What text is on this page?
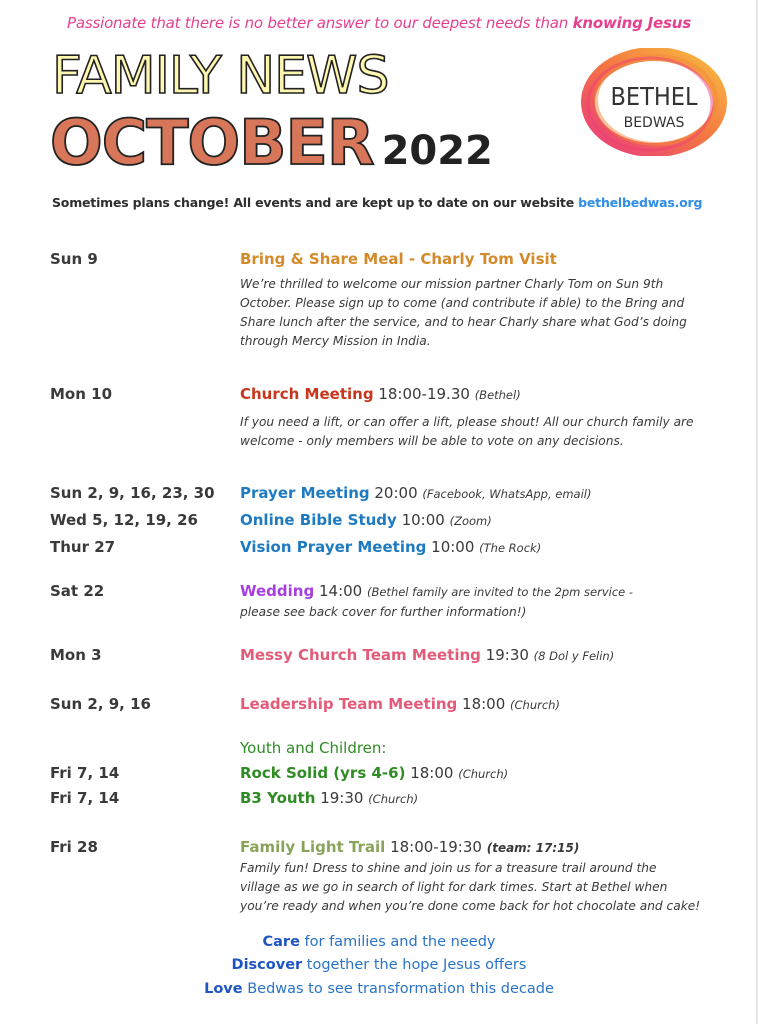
Passionate that there is no better answer to our deepest needs than knowing Jesus
FAMILY NEWS
OCTOBER 2022
BETHEL
BEDWAS
Sometimes plans change! All events and are kept up to date on our website bethelbedwas.org
Sun 9	Bring & Share Meal - Charly Tom Visit
We’re thrilled to welcome our mission partner Charly Tom on Sun 9th
October. Please sign up to come (and contribute if able) to the Bring and
Share lunch after the service, and to hear Charly share what God’s doing
through Mercy Mission in India.
Mon 10	Church Meeting 18:00-19.30 (Bethel)
If you need a lift, or can offer a lift, please shout! All our church family are
welcome - only members will be able to vote on any decisions.
Sun 2, 9, 16, 23, 30 Prayer Meeting 20:00 (Facebook, WhatsApp, email)
Wed 5, 12, 19, 26	Online Bible Study 10:00 (Zoom)
Thur 27	Vision Prayer Meeting 10:00 (The Rock)
Sat 22	Wedding 14:00 (Bethel family are invited to the 2pm service -
please see back cover for further information!)
Mon 3	Messy Church Team Meeting 19:30 (8 Dol y Felin)
Sun 2, 9, 16	Leadership Team Meeting 18:00 (Church)
Youth and Children:
Fri 7, 14	Rock Solid (yrs 4-6) 18:00 (Church)
Fri 7, 14	B3 Youth 19:30 (Church)
Fri 28	Family Light Trail 18:00-19:30 (team: 17:15)
Family fun! Dress to shine and join us for a treasure trail around the
village as we go in search of light for dark times. Start at Bethel when
you’re ready and when you’re done come back for hot chocolate and cake!
Care for families and the needy
Discover together the hope Jesus offers
Love Bedwas to see transformation this decade
